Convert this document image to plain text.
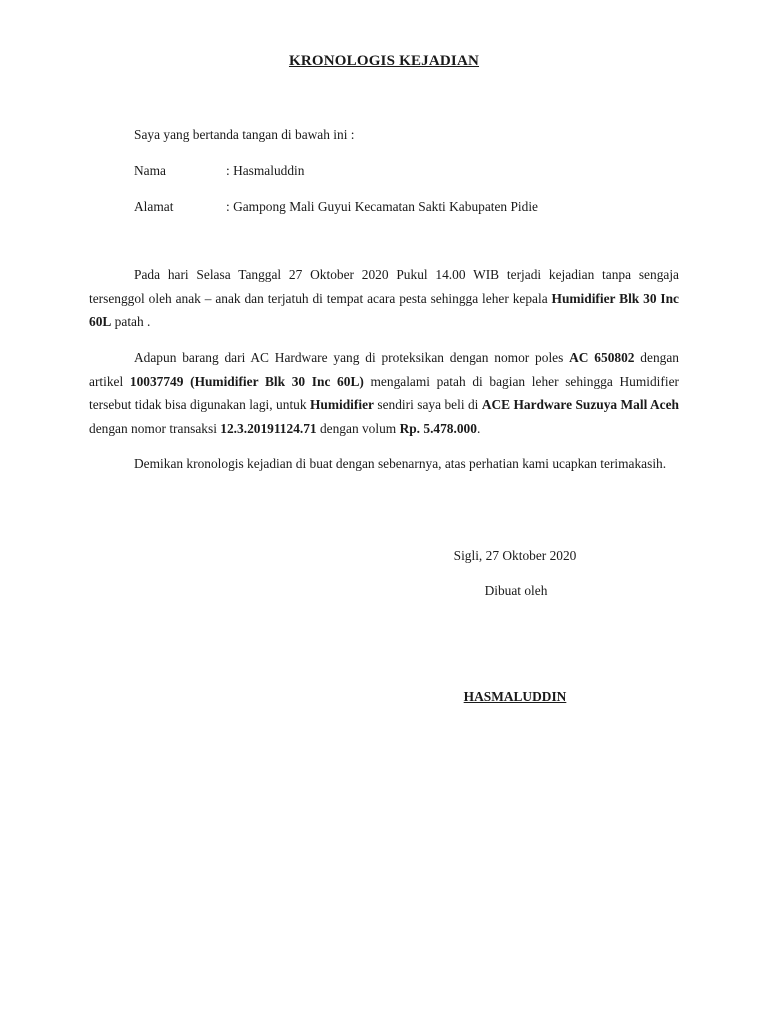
KRONOLOGIS KEJADIAN
Saya yang bertanda tangan di bawah ini :
Nama	: Hasmaluddin
Alamat	: Gampong Mali Guyui Kecamatan Sakti Kabupaten Pidie

Pada hari Selasa Tanggal 27 Oktober 2020 Pukul 14.00 WIB terjadi kejadian tanpa sengaja tersenggol oleh anak – anak dan terjatuh di tempat acara pesta sehingga leher kepala Humidifier Blk 30 Inc 60L patah .

Adapun barang dari AC Hardware yang di proteksikan dengan nomor poles AC 650802 dengan artikel 10037749 (Humidifier Blk 30 Inc 60L) mengalami patah di bagian leher sehingga Humidifier tersebut tidak bisa digunakan lagi, untuk Humidifier sendiri saya beli di ACE Hardware Suzuya Mall Aceh dengan nomor transaksi 12.3.20191124.71 dengan volum Rp. 5.478.000.

Demikan kronologis kejadian di buat dengan sebenarnya, atas perhatian kami ucapkan terimakasih.

Sigli, 27 Oktober 2020
Dibuat oleh
HASMALUDDIN
